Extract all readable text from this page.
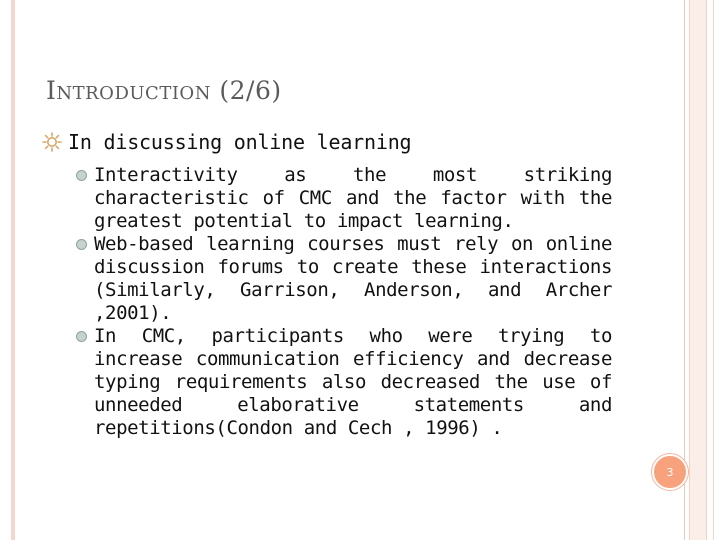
Introduction (2/6)
In discussing online learning
Interactivity as the most striking characteristic of CMC and the factor with the greatest potential to impact learning.
Web-based learning courses must rely on online discussion forums to create these interactions (Similarly, Garrison, Anderson, and Archer ,2001).
In CMC, participants who were trying to increase communication efficiency and decrease typing requirements also decreased the use of unneeded elaborative statements and repetitions(Condon and Cech , 1996) .
3
